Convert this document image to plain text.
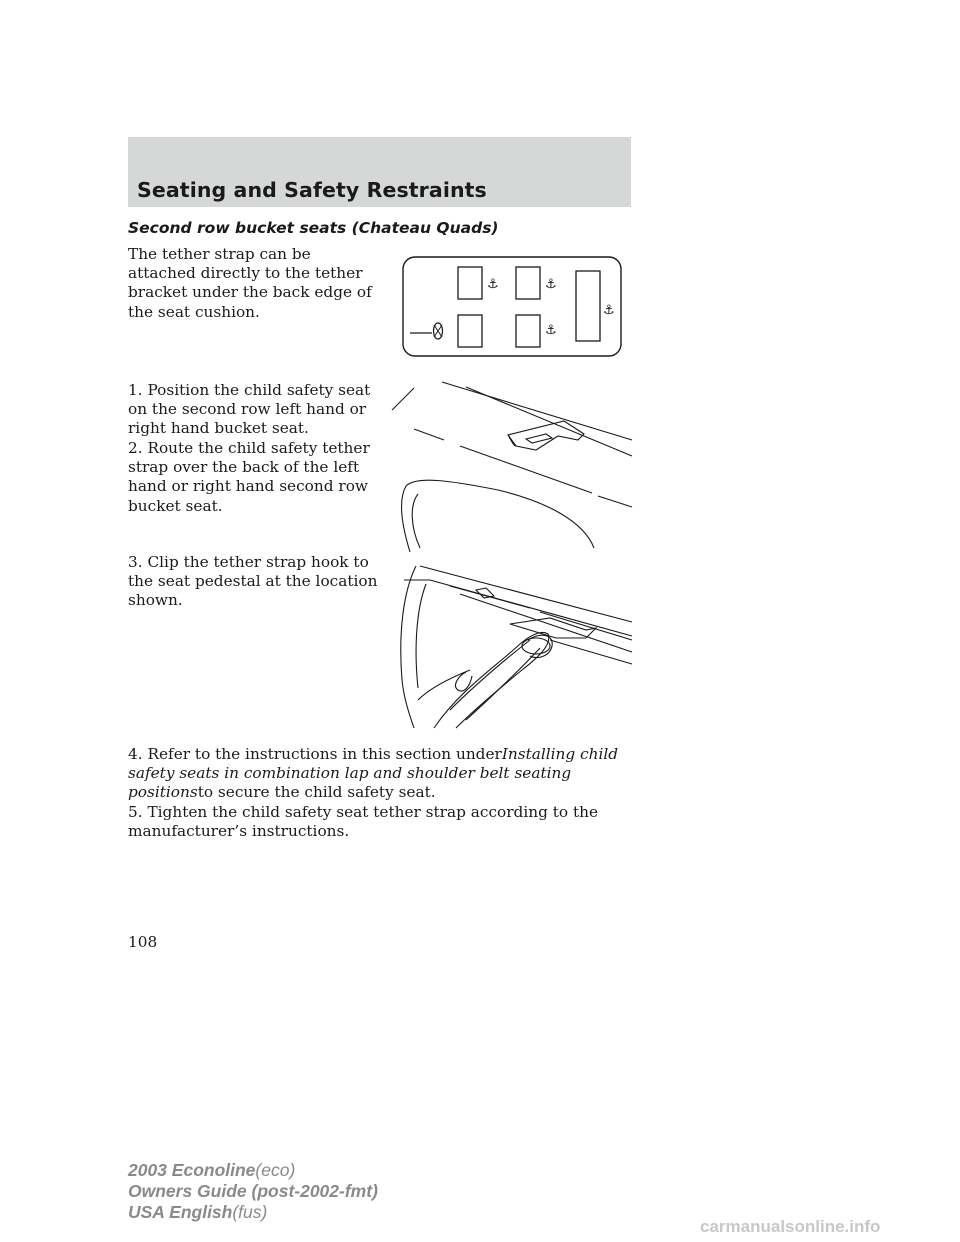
Seating and Safety Restraints
Second row bucket seats (Chateau Quads)
The tether strap can be attached directly to the tether bracket under the back edge of the seat cushion.
⚓	⚓
⚓
⚓
1. Position the child safety seat on the second row left hand or right hand bucket seat.
2. Route the child safety tether strap over the back of the left hand or right hand second row bucket seat.
3. Clip the tether strap hook to the seat pedestal at the location shown.

4. Refer to the instructions in this section underInstalling child safety seats in combination lap and shoulder belt seating positionsto secure the child safety seat.

5. Tighten the child safety seat tether strap according to the manufacturer’s instructions.
108
2003 Econoline(eco)
Owners Guide (post-2002-fmt)
USA English(fus)
carmanualsonline.info
